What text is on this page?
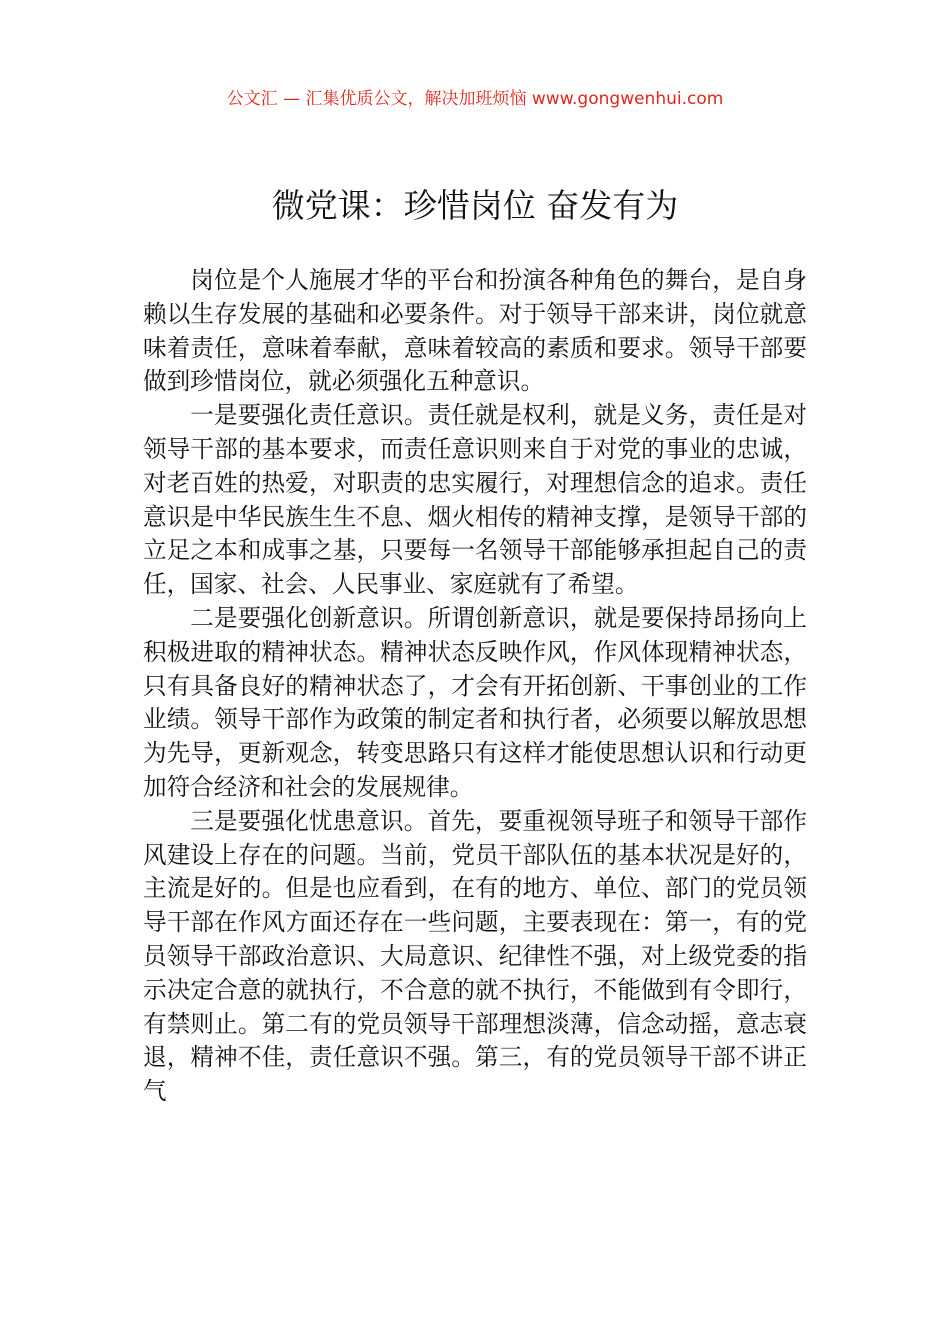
公文汇 — 汇集优质公文，解决加班烦恼 www.gongwenhui.com
微党课：珍惜岗位 奋发有为

岗位是个人施展才华的平台和扮演各种角色的舞台，是自身赖以生存发展的基础和必要条件。对于领导干部来讲，岗位就意味着责任，意味着奉献，意味着较高的素质和要求。领导干部要做到珍惜岗位，就必须强化五种意识。

一是要强化责任意识。责任就是权利，就是义务，责任是对领导干部的基本要求，而责任意识则来自于对党的事业的忠诚，对老百姓的热爱，对职责的忠实履行，对理想信念的追求。责任意识是中华民族生生不息、烟火相传的精神支撑，是领导干部的立足之本和成事之基，只要每一名领导干部能够承担起自己的责任，国家、社会、人民事业、家庭就有了希望。

二是要强化创新意识。所谓创新意识，就是要保持昂扬向上积极进取的精神状态。精神状态反映作风，作风体现精神状态，只有具备良好的精神状态了，才会有开拓创新、干事创业的工作业绩。领导干部作为政策的制定者和执行者，必须要以解放思想为先导，更新观念，转变思路只有这样才能使思想认识和行动更加符合经济和社会的发展规律。

三是要强化忧患意识。首先，要重视领导班子和领导干部作风建设上存在的问题。当前，党员干部队伍的基本状况是好的，主流是好的。但是也应看到，在有的地方、单位、部门的党员领导干部在作风方面还存在一些问题，主要表现在：第一，有的党员领导干部政治意识、大局意识、纪律性不强，对上级党委的指示决定合意的就执行，不合意的就不执行，不能做到有令即行，有禁则止。第二有的党员领导干部理想淡薄，信念动摇，意志衰退，精神不佳，责任意识不强。第三，有的党员领导干部不讲正气
